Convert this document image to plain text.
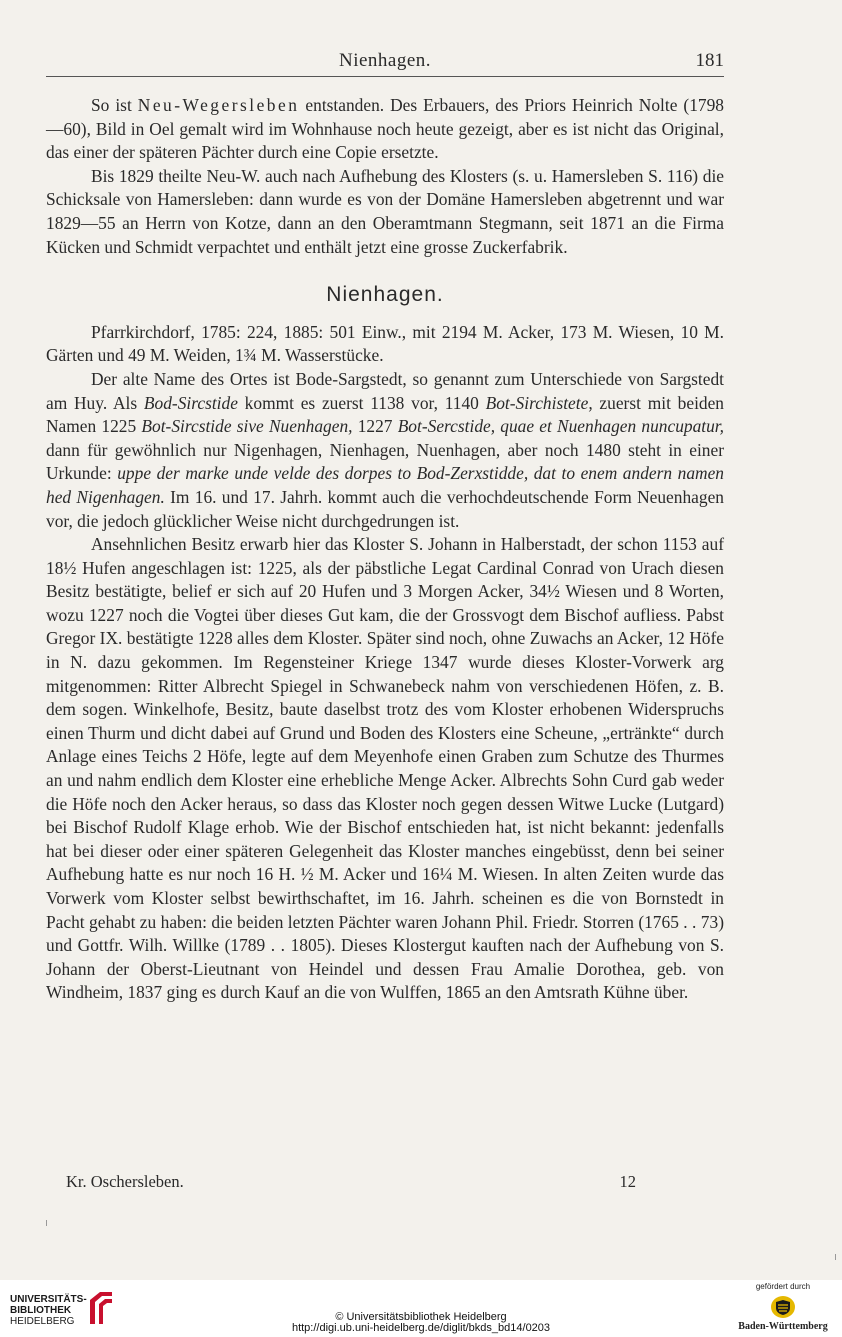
Nienhagen.	181

So ist Neu-Wegersleben entstanden. Des Erbauers, des Priors Heinrich Nolte (1798—60), Bild in Oel gemalt wird im Wohnhause noch heute gezeigt, aber es ist nicht das Original, das einer der späteren Pächter durch eine Copie ersetzte.

Bis 1829 theilte Neu-W. auch nach Aufhebung des Klosters (s. u. Hamersleben S. 116) die Schicksale von Hamersleben: dann wurde es von der Domäne Hamersleben abgetrennt und war 1829—55 an Herrn von Kotze, dann an den Oberamtmann Stegmann, seit 1871 an die Firma Kücken und Schmidt verpachtet und enthält jetzt eine grosse Zuckerfabrik.

Nienhagen.

Pfarrkirchdorf, 1785: 224, 1885: 501 Einw., mit 2194 M. Acker, 173 M. Wiesen, 10 M. Gärten und 49 M. Weiden, 1¾ M. Wasserstücke.

Der alte Name des Ortes ist Bode-Sargstedt, so genannt zum Unterschiede von Sargstedt am Huy. Als Bod-Sircstide kommt es zuerst 1138 vor, 1140 Bot-Sirchistete, zuerst mit beiden Namen 1225 Bot-Sircstide sive Nuenhagen, 1227 Bot-Sercstide, quae et Nuenhagen nuncupatur, dann für gewöhnlich nur Nigenhagen, Nienhagen, Nuenhagen, aber noch 1480 steht in einer Urkunde: uppe der marke unde velde des dorpes to Bod-Zerxstidde, dat to enem andern namen hed Nigenhagen. Im 16. und 17. Jahrh. kommt auch die verhochdeutschende Form Neuenhagen vor, die jedoch glücklicher Weise nicht durchgedrungen ist.

Ansehnlichen Besitz erwarb hier das Kloster S. Johann in Halberstadt, der schon 1153 auf 18½ Hufen angeschlagen ist: 1225, als der päbstliche Legat Cardinal Conrad von Urach diesen Besitz bestätigte, belief er sich auf 20 Hufen und 3 Morgen Acker, 34½ Wiesen und 8 Worten, wozu 1227 noch die Vogtei über dieses Gut kam, die der Grossvogt dem Bischof aufliess. Pabst Gregor IX. bestätigte 1228 alles dem Kloster. Später sind noch, ohne Zuwachs an Acker, 12 Höfe in N. dazu gekommen. Im Regensteiner Kriege 1347 wurde dieses Kloster-Vorwerk arg mitgenommen: Ritter Albrecht Spiegel in Schwanebeck nahm von verschiedenen Höfen, z. B. dem sogen. Winkelhofe, Besitz, baute daselbst trotz des vom Kloster erhobenen Widerspruchs einen Thurm und dicht dabei auf Grund und Boden des Klosters eine Scheune, „ertränkte“ durch Anlage eines Teichs 2 Höfe, legte auf dem Meyenhofe einen Graben zum Schutze des Thurmes an und nahm endlich dem Kloster eine erhebliche Menge Acker. Albrechts Sohn Curd gab weder die Höfe noch den Acker heraus, so dass das Kloster noch gegen dessen Witwe Lucke (Lutgard) bei Bischof Rudolf Klage erhob. Wie der Bischof entschieden hat, ist nicht bekannt: jedenfalls hat bei dieser oder einer späteren Gelegenheit das Kloster manches eingebüsst, denn bei seiner Aufhebung hatte es nur noch 16 H. ½ M. Acker und 16¼ M. Wiesen. In alten Zeiten wurde das Vorwerk vom Kloster selbst bewirthschaftet, im 16. Jahrh. scheinen es die von Bornstedt in Pacht gehabt zu haben: die beiden letzten Pächter waren Johann Phil. Friedr. Storren (1765 . . 73) und Gottfr. Wilh. Willke (1789 . . 1805). Dieses Klostergut kauften nach der Aufhebung von S. Johann der Oberst-Lieutnant von Heindel und dessen Frau Amalie Dorothea, geb. von Windheim, 1837 ging es durch Kauf an die von Wulffen, 1865 an den Amtsrath Kühne über.

Kr. Oschersleben.	12
UNIVERSITÄTS-
BIBLIOTHEK
HEIDELBERG	© Universitätsbibliothek Heidelberg
http://digi.ub.uni-heidelberg.de/diglit/bkds_bd14/0203
gefördert durch
Baden-Württemberg
